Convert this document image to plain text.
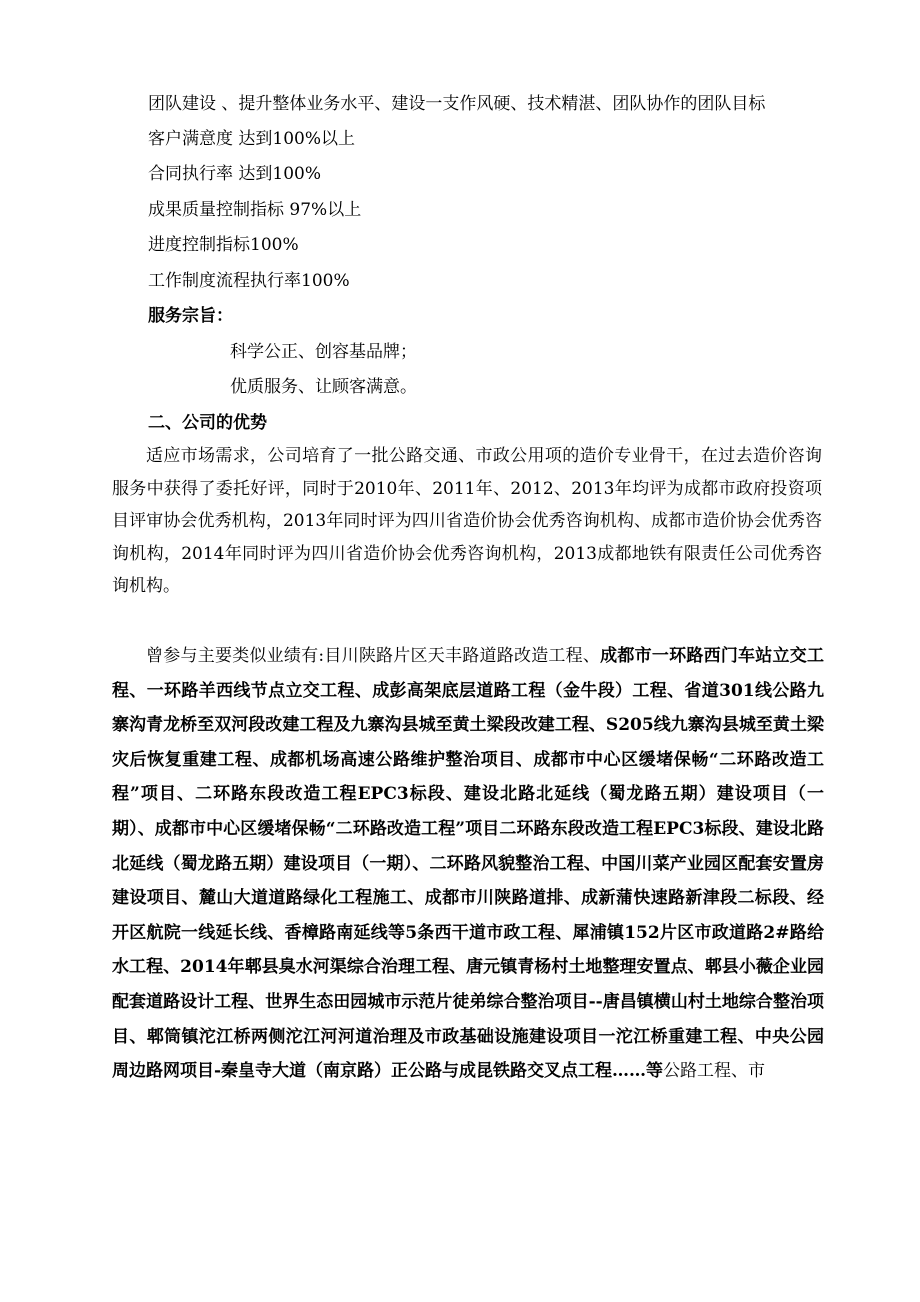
团队建设 、提升整体业务水平、建设一支作风硬、技术精湛、团队协作的团队目标
客户满意度 达到100%以上
合同执行率 达到100%
成果质量控制指标 97%以上
进度控制指标100%
工作制度流程执行率100%
服务宗旨：
科学公正、创容基品牌；
优质服务、让顾客满意。
二、公司的优势

适应市场需求，公司培育了一批公路交通、市政公用项的造价专业骨干，在过去造价咨询服务中获得了委托好评，同时于2010年、2011年、2012、2013年均评为成都市政府投资项目评审协会优秀机构，2013年同时评为四川省造价协会优秀咨询机构、成都市造价协会优秀咨询机构，2014年同时评为四川省造价协会优秀咨询机构，2013成都地铁有限责任公司优秀咨询机构。

曾参与主要类似业绩有:目川陕路片区天丰路道路改造工程、成都市一环路西门车站立交工程、一环路羊西线节点立交工程、成彭高架底层道路工程（金牛段）工程、省道301线公路九寨沟青龙桥至双河段改建工程及九寨沟县城至黄土梁段改建工程、S205线九寨沟县城至黄土梁灾后恢复重建工程、成都机场高速公路维护整治项目、成都市中心区缓堵保畅“二环路改造工程”项目、二环路东段改造工程EPC3标段、建设北路北延线（蜀龙路五期）建设项目（一期）、成都市中心区缓堵保畅“二环路改造工程”项目二环路东段改造工程EPC3标段、建设北路北延线（蜀龙路五期）建设项目（一期）、二环路风貌整治工程、中国川菜产业园区配套安置房建设项目、麓山大道道路绿化工程施工、成都市川陕路道排、成新蒲快速路新津段二标段、经开区航院一线延长线、香樟路南延线等5条西干道市政工程、犀浦镇152片区市政道路2#路给水工程、2014年郫县臭水河渠综合治理工程、唐元镇青杨村土地整理安置点、郫县小薇企业园配套道路设计工程、世界生态田园城市示范片徒弟综合整治项目--唐昌镇横山村土地综合整治项目、郫筒镇沱江桥两侧沱江河河道治理及市政基础设施建设项目一沱江桥重建工程、中央公园周边路网项目-秦皇寺大道（南京路）正公路与成昆铁路交叉点工程……等公路工程、市
